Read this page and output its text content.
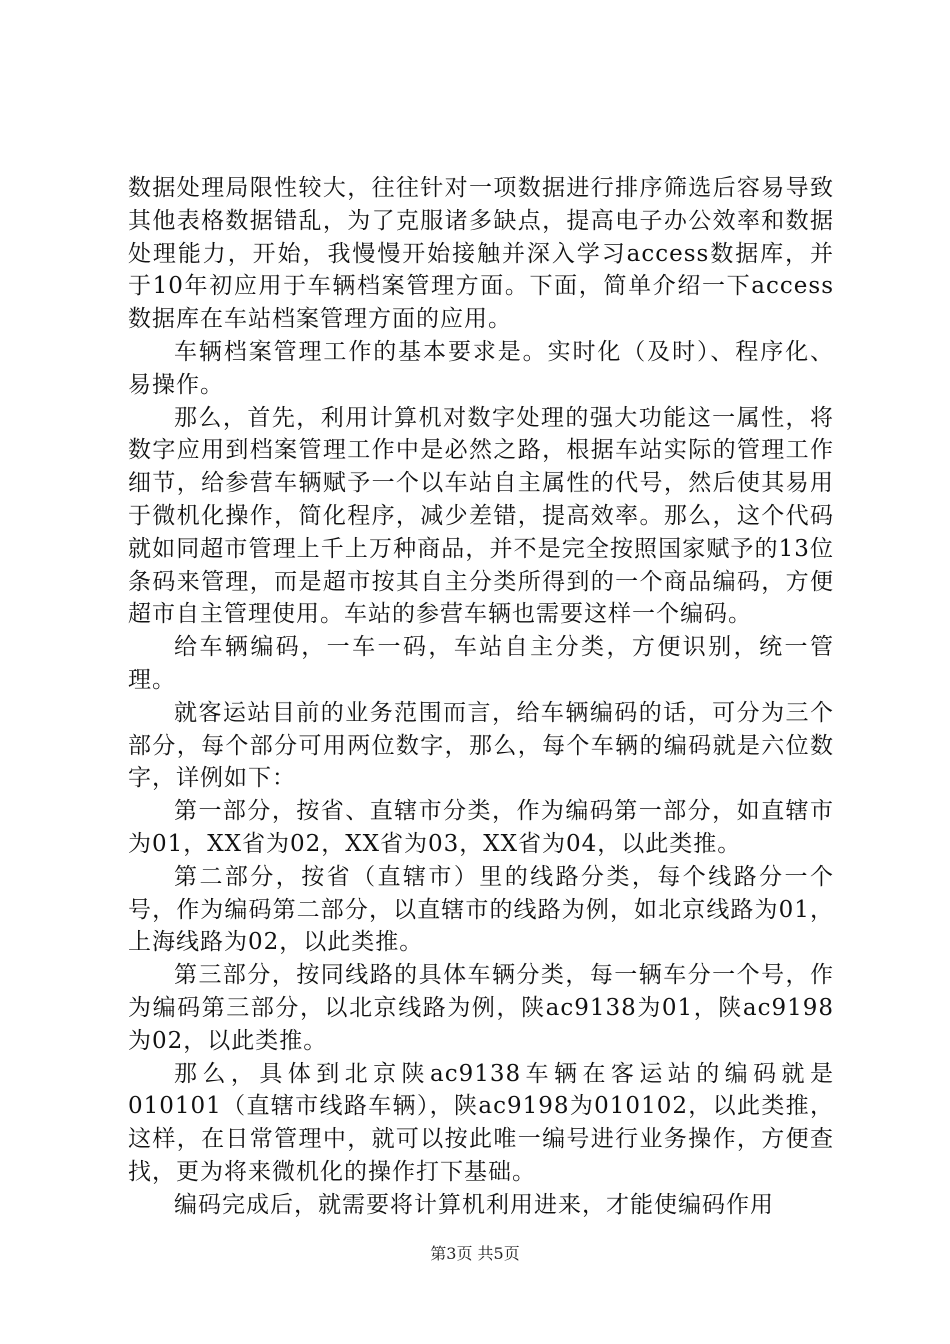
数据处理局限性较大，往往针对一项数据进行排序筛选后容易导致其他表格数据错乱，为了克服诸多缺点，提高电子办公效率和数据处理能力，开始，我慢慢开始接触并深入学习access数据库，并于10年初应用于车辆档案管理方面。下面，简单介绍一下access数据库在车站档案管理方面的应用。

车辆档案管理工作的基本要求是。实时化（及时）、程序化、易操作。

那么，首先，利用计算机对数字处理的强大功能这一属性，将数字应用到档案管理工作中是必然之路，根据车站实际的管理工作细节，给参营车辆赋予一个以车站自主属性的代号，然后使其易用于微机化操作，简化程序，减少差错，提高效率。那么，这个代码就如同超市管理上千上万种商品，并不是完全按照国家赋予的13位条码来管理，而是超市按其自主分类所得到的一个商品编码，方便超市自主管理使用。车站的参营车辆也需要这样一个编码。

给车辆编码，一车一码，车站自主分类，方便识别，统一管理。

就客运站目前的业务范围而言，给车辆编码的话，可分为三个部分，每个部分可用两位数字，那么，每个车辆的编码就是六位数字，详例如下：

第一部分，按省、直辖市分类，作为编码第一部分，如直辖市为01，XX省为02，XX省为03，XX省为04，以此类推。

第二部分，按省（直辖市）里的线路分类，每个线路分一个号，作为编码第二部分，以直辖市的线路为例，如北京线路为01，上海线路为02，以此类推。

第三部分，按同线路的具体车辆分类，每一辆车分一个号，作为编码第三部分，以北京线路为例，陕ac9138为01，陕ac9198为02，以此类推。

那么，具体到北京陕ac9138车辆在客运站的编码就是010101（直辖市线路车辆），陕ac9198为010102，以此类推，这样，在日常管理中，就可以按此唯一编号进行业务操作，方便查找，更为将来微机化的操作打下基础。

编码完成后，就需要将计算机利用进来，才能使编码作用

第3页 共5页
